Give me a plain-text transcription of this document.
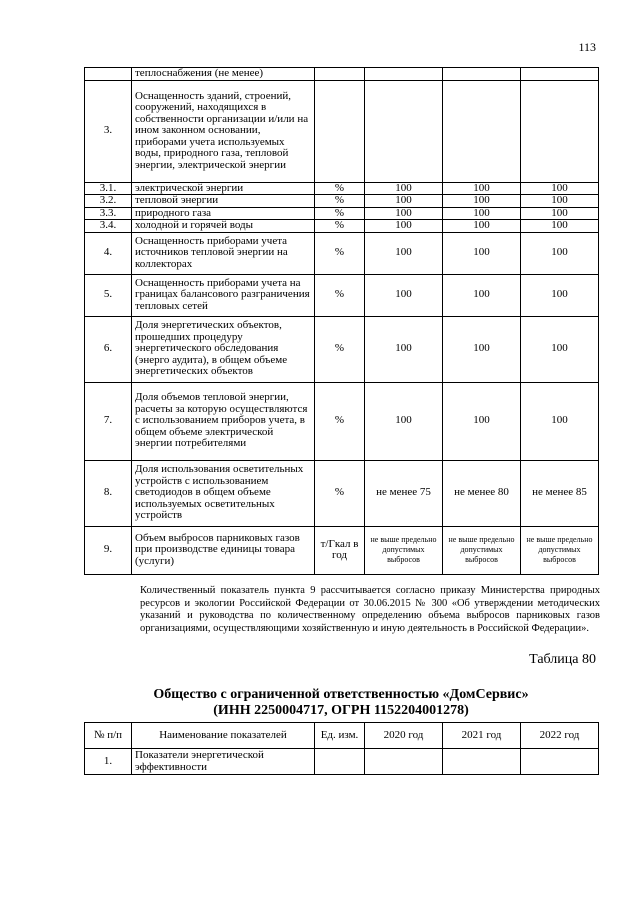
113
	теплоснабжения (не менее)				
3.	Оснащенность зданий, строений, сооружений, находящихся в собственности организации и/или на ином законном основании, приборами учета используемых воды, природного газа, тепловой энергии, электрической энергии				
3.1.	электрической энергии	%	100	100	100
3.2.	тепловой энергии	%	100	100	100
3.3.	природного газа	%	100	100	100
3.4.	холодной и горячей воды	%	100	100	100
4.	Оснащенность приборами учета источников тепловой энергии на коллекторах	%	100	100	100
5.	Оснащенность приборами учета на границах балансового разграничения тепловых сетей	%	100	100	100
6.	Доля энергетических объектов, прошедших процедуру энергетического обследования (энерго аудита), в общем объеме энергетических объектов	%	100	100	100
7.	Доля объемов тепловой энергии, расчеты за которую осуществляются с использованием приборов учета, в общем объеме электрической энергии потребителями	%	100	100	100
8.	Доля использования осветительных устройств с использованием светодиодов в общем объеме используемых осветительных устройств	%	не менее 75	не менее 80	не менее 85
9.	Объем выбросов парниковых газов при производстве единицы товара (услуги)	т/Гкал в год	не выше предельно допустимых выбросов	не выше предельно допустимых выбросов	не выше предельно допустимых выбросов
Количественный показатель пункта 9 рассчитывается согласно приказу Министерства природных ресурсов и экологии Российской Федерации от 30.06.2015 № 300 «Об утверждении методических указаний и руководства по количественному определению объема выбросов парниковых газов организациями, осуществляющими хозяйственную и иную деятельность в Российской Федерации».
Таблица 80
Общество с ограниченной ответственностью «ДомСервис»
(ИНН 2250004717, ОГРН 1152204001278)
№ п/п	Наименование показателей	Ед. изм.	2020 год	2021 год	2022 год
1.	Показатели энергетической эффективности				
